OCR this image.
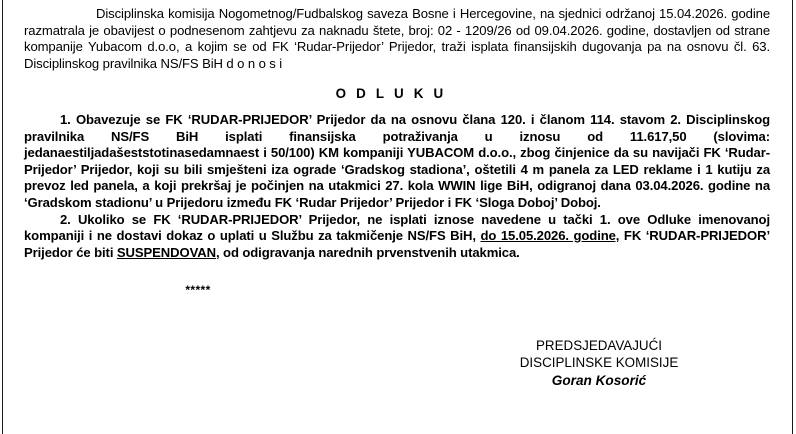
Disciplinska komisija Nogometnog/Fudbalskog saveza Bosne i Hercegovine, na sjednici održanoj 15.04.2026. godine razmatrala je obavijest o podnesenom zahtjevu za naknadu štete, broj: 02 - 1209/26 od 09.04.2026. godine, dostavljen od strane kompanije Yubacom d.o.o, a kojim se od FK ‘Rudar-Prijedor’ Prijedor, traži isplata finansijskih dugovanja pa na osnovu čl. 63. Disciplinskog pravilnika NS/FS BiH d o n o s i

O D L U K U

1. Obavezuje se FK ‘RUDAR-PRIJEDOR’ Prijedor da na osnovu člana 120. i članom 114. stavom 2. Disciplinskog pravilnika NS/FS BiH isplati finansijska potraživanja u iznosu od 11.617,50 (slovima: jedanaestiljadašeststotinasedamnaest i 50/100) KM kompaniji YUBACOM d.o.o., zbog činjenice da su navijači FK ‘Rudar-Prijedor’ Prijedor, koji su bili smješteni iza ograde ‘Gradskog stadiona’, oštetili 4 m panela za LED reklame i 1 kutiju za prevoz led panela, a koji prekršaj je počinjen na utakmici 27. kola WWIN lige BiH, odigranoj dana 03.04.2026. godine na ‘Gradskom stadionu’ u Prijedoru između FK ‘Rudar Prijedor’ Prijedor i FK ‘Sloga Doboj’ Doboj.

2. Ukoliko se FK ‘RUDAR-PRIJEDOR’ Prijedor, ne isplati iznose navedene u tački 1. ove Odluke imenovanoj kompaniji i ne dostavi dokaz o uplati u Službu za takmičenje NS/FS BiH, do 15.05.2026. godine, FK ‘RUDAR-PRIJEDOR’ Prijedor će biti SUSPENDOVAN, od odigravanja narednih prvenstvenih utakmica.

*****
PREDSJEDAVAJUĆI
DISCIPLINSKE KOMISIJE
Goran Kosorić
